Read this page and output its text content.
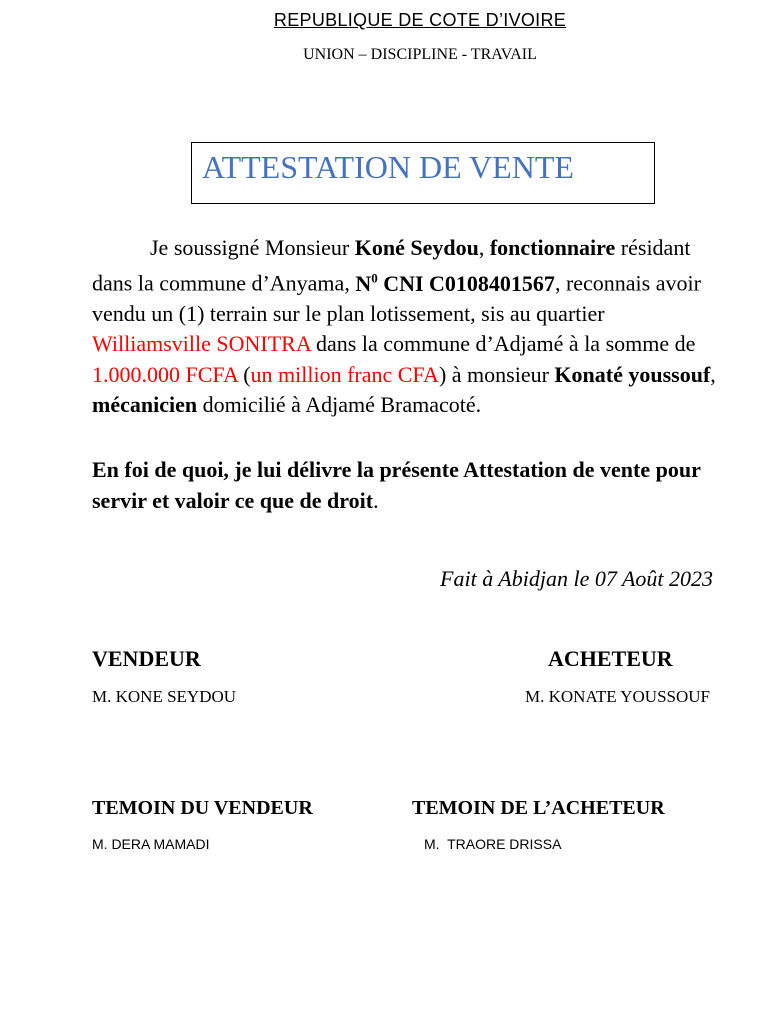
REPUBLIQUE DE COTE D’IVOIRE
UNION – DISCIPLINE - TRAVAIL
ATTESTATION DE VENTE
Je soussigné Monsieur Koné Seydou, fonctionnaire résidant dans la commune d’Anyama, $N^0$ CNI C0108401567, reconnais avoir vendu un (1) terrain sur le plan lotissement, sis au quartier Williamsville SONITRA dans la commune d’Adjamé à la somme de 1.000.000 FCFA (un million franc CFA) à monsieur Konaté youssouf, mécanicien domicilié à Adjamé Bramacoté.
En foi de quoi, je lui délivre la présente Attestation de vente pour servir et valoir ce que de droit.
Fait à Abidjan le 07 Août 2023
VENDEUR	ACHETEUR
M. KONE SEYDOU	M. KONATE YOUSSOUF
TEMOIN DU VENDEUR	TEMOIN DE L’ACHETEUR
M. DERA MAMADI	M.  TRAORE DRISSA
